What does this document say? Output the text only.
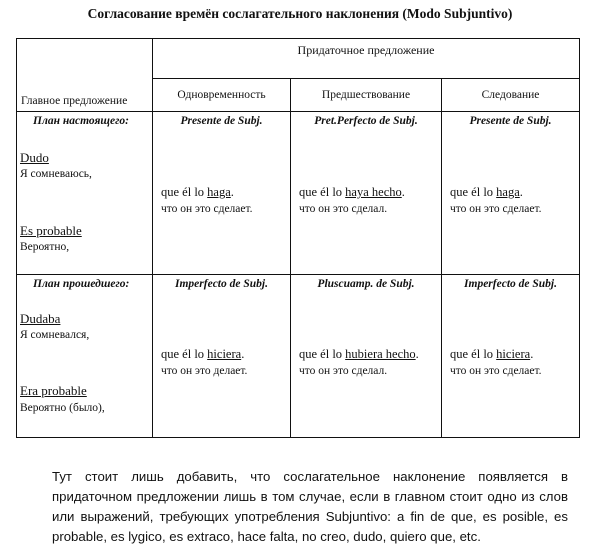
Согласование времён сослагательного наклонения (Modo Subjuntivo)
Главное предложение	Придаточное предложение		
	Одновременность	Предшествование	Следование

План настоящего:
Dudo
Я сомневаюсь,
Es probable
Вероятно,	Presente de Subj.
que él lo haga.
что он это сделает.	Pret.Perfecto de Subj.
que él lo haya hecho.
что он это сделал.	Presente de Subj.
que él lo haga.
что он это сделает.

План прошедшего:
Dudaba
Я сомневался,
Era probable
Вероятно (было),	Imperfecto de Subj.
que él lo hiciera.
что он это делает.	Pluscuamp. de Subj.
que él lo hubiera hecho.
что он это сделал.	Imperfecto de Subj.
que él lo hiciera.
что он это сделает.
Тут стоит лишь добавить, что сослагательное наклонение появляется в придаточном предложении лишь в том случае, если в главном стоит одно из слов или выражений, требующих употребления Subjuntivo: a fin de que, es posible, es probable, es lygico, es extraco, hace falta, no creo, dudo, quiero que, etc.
